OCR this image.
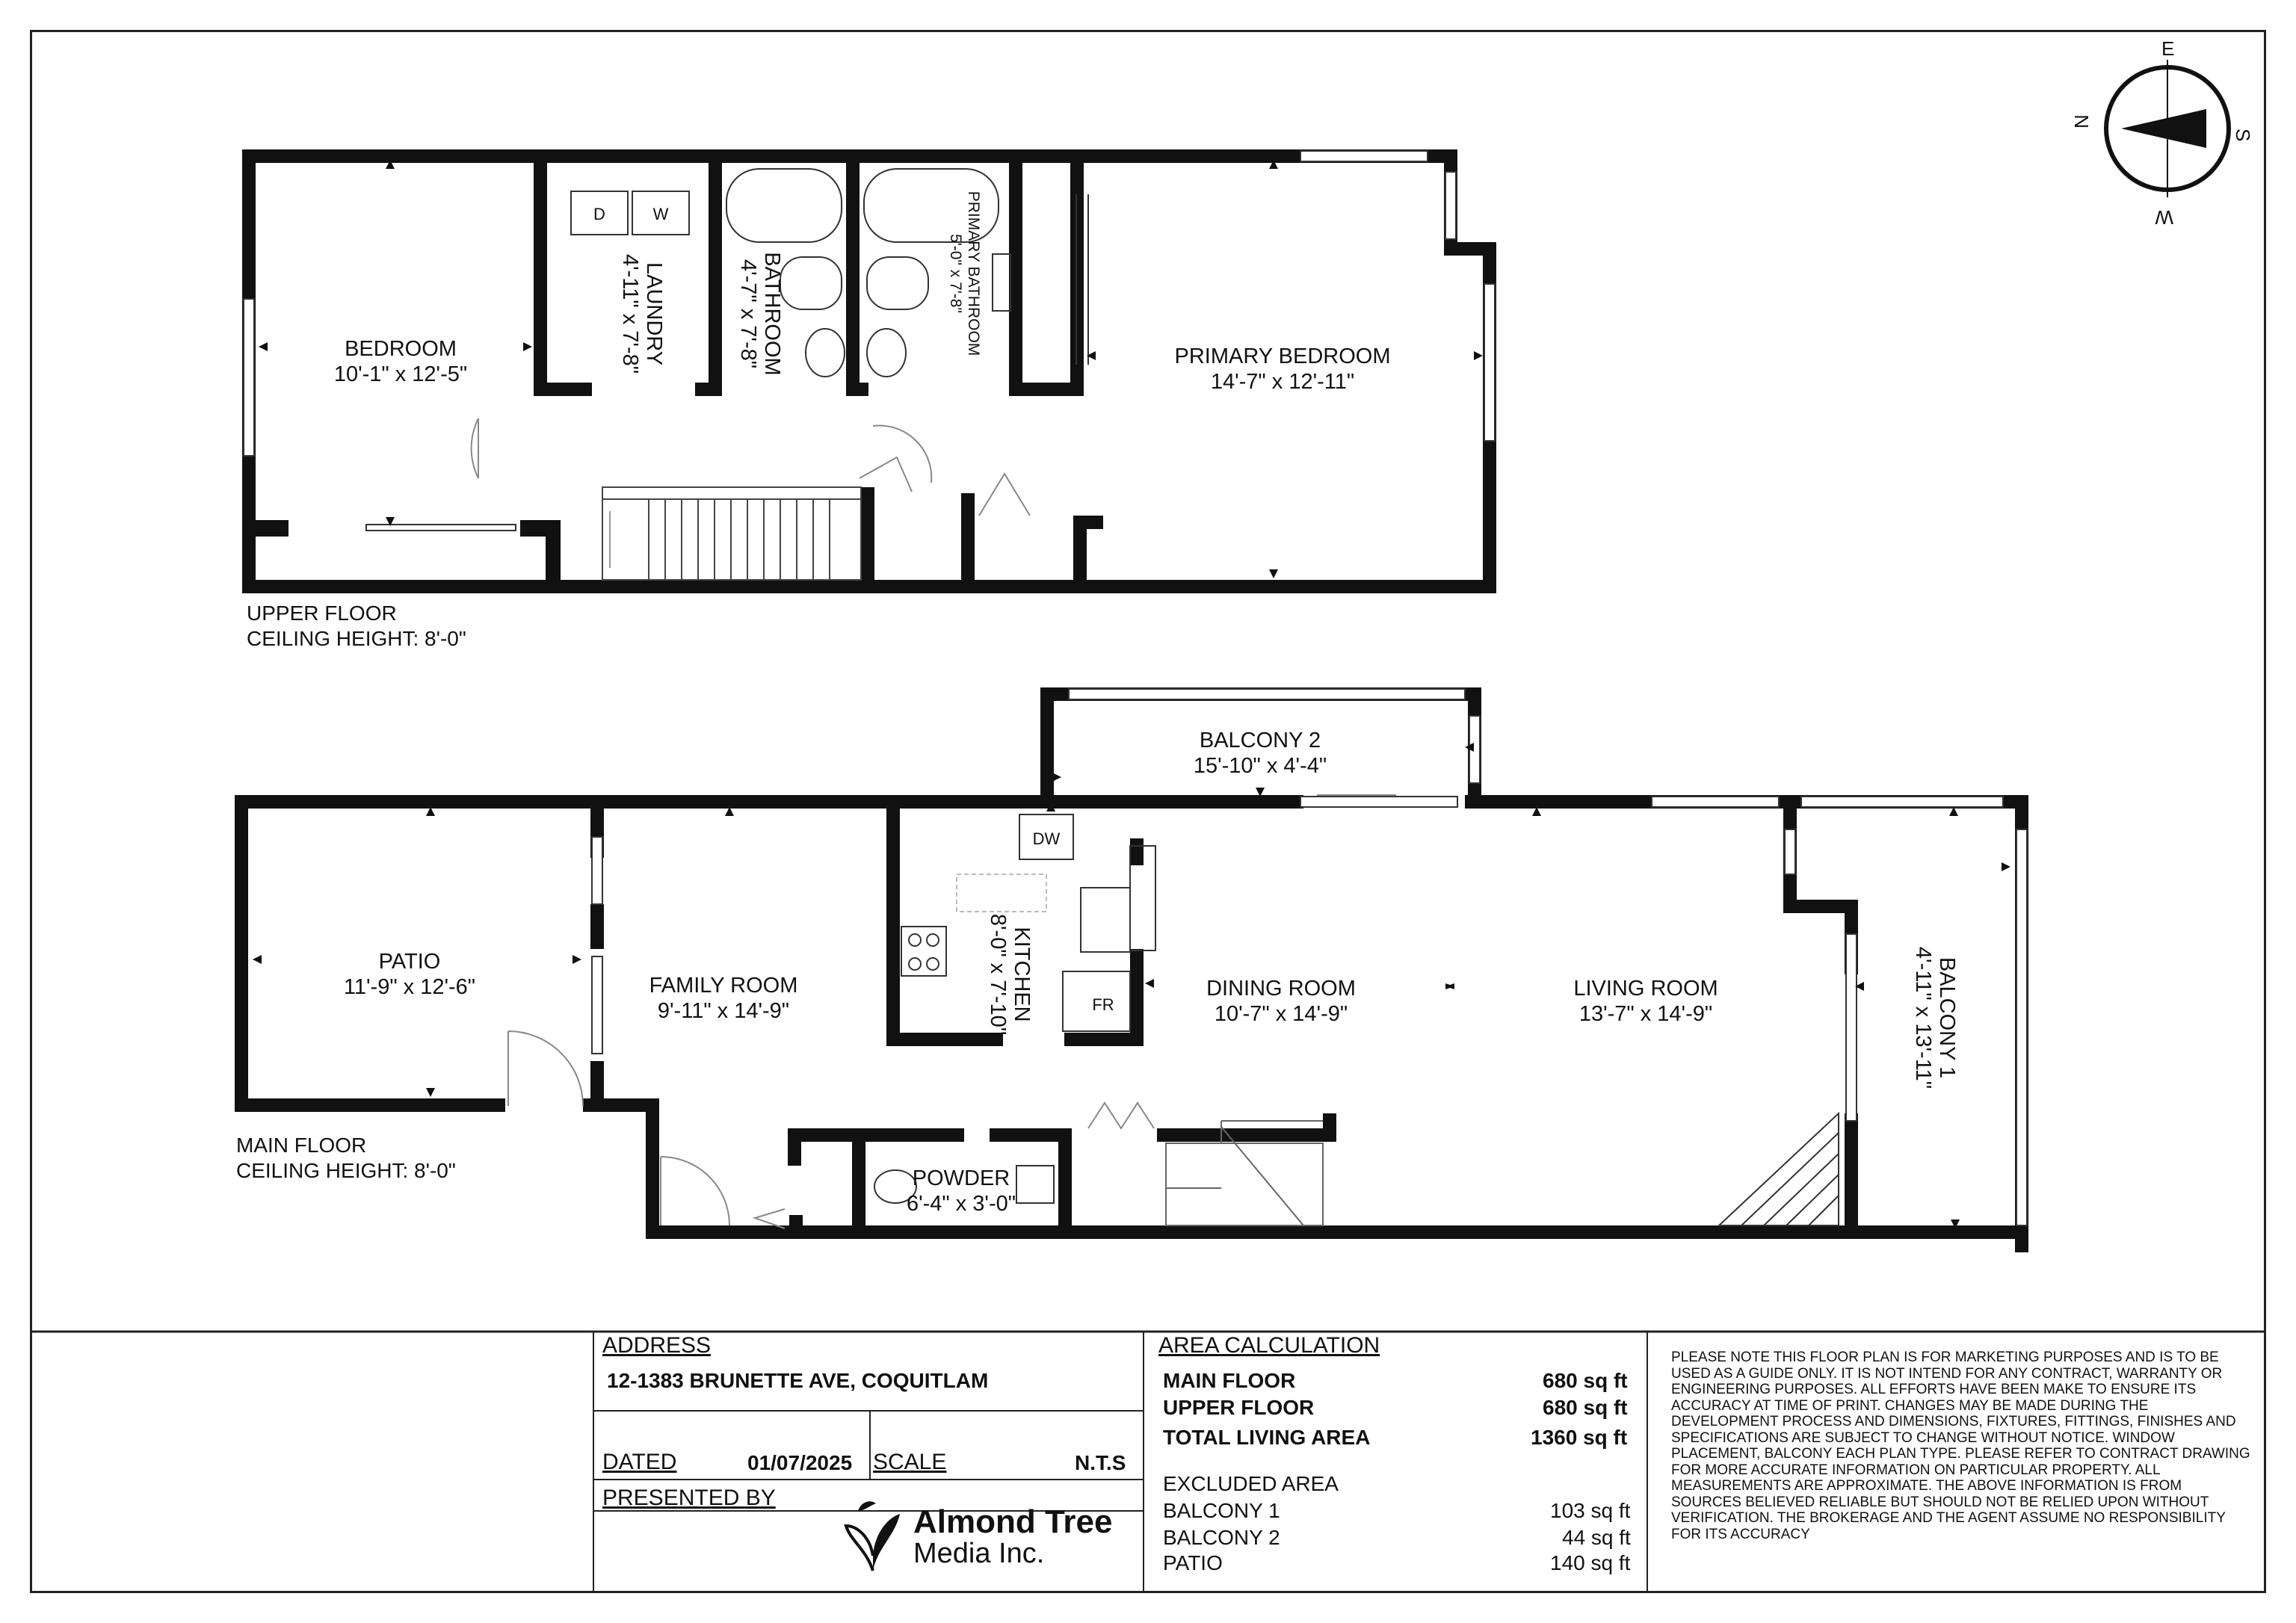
E
S
W
N
BEDROOM
10'-1" x 12'-5"
LAUNDRY
4'-11" x 7'-8"	BATHROOM
4'-7" x 7'-8"	PRIMARY BATHROOM
5'-0" x 7'-8"
PRIMARY BEDROOM
14'-7" x 12'-11"
D	W
UPPER FLOOR
CEILING HEIGHT: 8'-0"
BALCONY 2
15'-10" x 4'-4"
PATIO
11'-9" x 12'-6"	FAMILY ROOM
9'-11" x 14'-9"	KITCHEN
8'-0" x 7'-10"	DINING ROOM
10'-7" x 14'-9"
LIVING ROOM
13'-7" x 14'-9"	BALCONY 1
4'-11" x 13'-11"
POWDER
6'-4" x 3'-0"
DW
FR
MAIN FLOOR
CEILING HEIGHT: 8'-0"
ADDRESS
12-1383 BRUNETTE AVE, COQUITLAM
DATED	01/07/2025 SCALE	N.T.S
PRESENTED BY
Almond Tree
Media Inc.
AREA CALCULATION
MAIN FLOOR	680 sq ft
UPPER FLOOR	680 sq ft
TOTAL LIVING AREA	1360 sq ft
EXCLUDED AREA
BALCONY 1	103 sq ft
BALCONY 2	44 sq ft
PATIO	140 sq ft
PLEASE NOTE THIS FLOOR PLAN IS FOR MARKETING PURPOSES AND IS TO BE USED AS A GUIDE ONLY. IT IS NOT INTEND FOR ANY CONTRACT, WARRANTY OR ENGINEERING PURPOSES. ALL EFFORTS HAVE BEEN MAKE TO ENSURE ITS ACCURACY AT TIME OF PRINT. CHANGES MAY BE MADE DURING THE DEVELOPMENT PROCESS AND DIMENSIONS, FIXTURES, FITTINGS, FINISHES AND SPECIFICATIONS ARE SUBJECT TO CHANGE WITHOUT NOTICE. WINDOW PLACEMENT, BALCONY EACH PLAN TYPE. PLEASE REFER TO CONTRACT DRAWING FOR MORE ACCURATE INFORMATION ON PARTICULAR PROPERTY. ALL MEASUREMENTS ARE APPROXIMATE. THE ABOVE INFORMATION IS FROM SOURCES BELIEVED RELIABLE BUT SHOULD NOT BE RELIED UPON WITHOUT VERIFICATION. THE BROKERAGE AND THE AGENT ASSUME NO RESPONSIBILITY FOR ITS ACCURACY
